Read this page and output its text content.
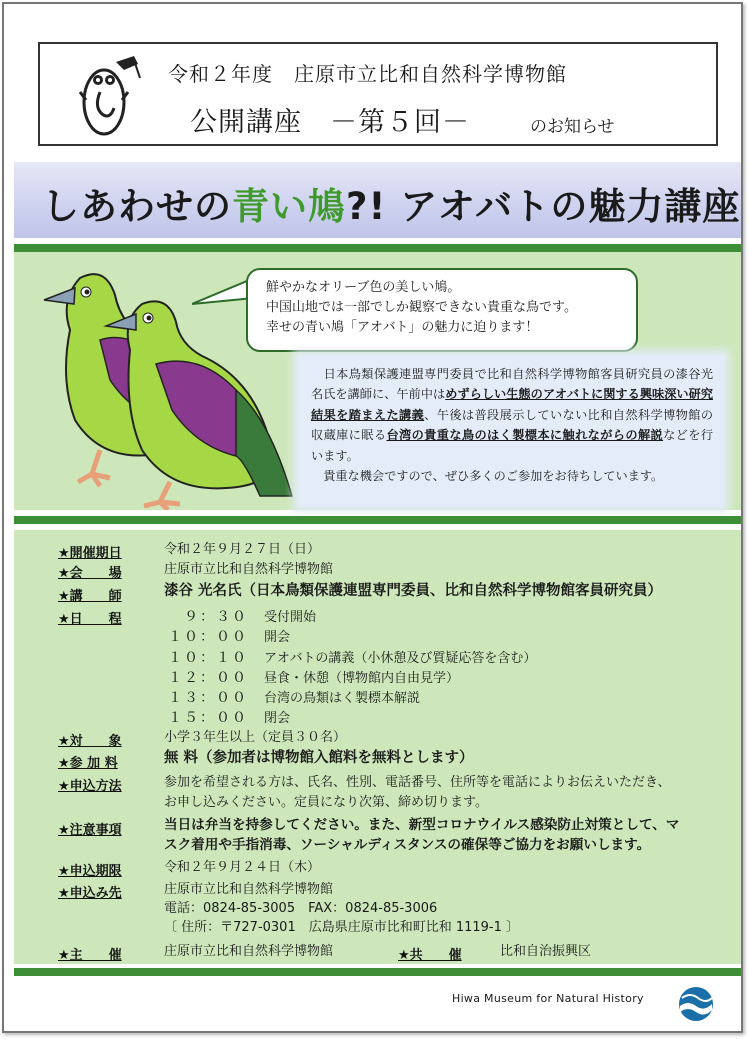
令和２年度　庄原市立比和自然科学博物館
公開講座　－第５回－	のお知らせ
しあわせの青い鳩?! アオバトの魅力講座

鮮やかなオリーブ色の美しい鳩。

中国山地では一部でしか観察できない貴重な鳥です。

幸せの青い鳩「アオバト」の魅力に迫ります！

　日本鳥類保護連盟専門委員で比和自然科学博物館客員研究員の漆谷光名氏を講師に、午前中はめずらしい生態のアオバトに関する興味深い研究結果を踏まえた講義、午後は普段展示していない比和自然科学博物館の収蔵庫に眠る台湾の貴重な鳥のはく製標本に触れながらの解説などを行います。

　貴重な機会ですので、ぜひ多くのご参加をお待ちしています。

★開催期日	令和２年９月２７日（日）
★会　　場	庄原市立比和自然科学博物館
★講　　師	漆谷 光名氏（日本鳥類保護連盟専門委員、比和自然科学博物館客員研究員）
★日　　程	９：３０ 受付開始
１０：００ 開会
１０：１０ アオバトの講義（小休憩及び質疑応答を含む）
１２：００ 昼食・休憩（博物館内自由見学）
１３：００ 台湾の鳥類はく製標本解説
１５：００ 閉会
★対　　象	小学３年生以上（定員３０名）
★参 加 料	無 料（参加者は博物館入館料を無料とします）
★申込方法	参加を希望される方は、氏名、性別、電話番号、住所等を電話によりお伝えいただき、
お申し込みください。定員になり次第、締め切ります。
★注意事項	当日は弁当を持参してください。また、新型コロナウイルス感染防止対策として、マ
スク着用や手指消毒、ソーシャルディスタンスの確保等ご協力をお願いします。
★申込期限	令和２年９月２４日（木）
★申込み先	庄原市立比和自然科学博物館
電話：0824-85-3005　FAX：0824-85-3006
〔 住所：〒727-0301　広島県庄原市比和町比和 1119-1 〕
★主　　催	庄原市立比和自然科学博物館	★共　　催	比和自治振興区
Hiwa Museum for Natural History
